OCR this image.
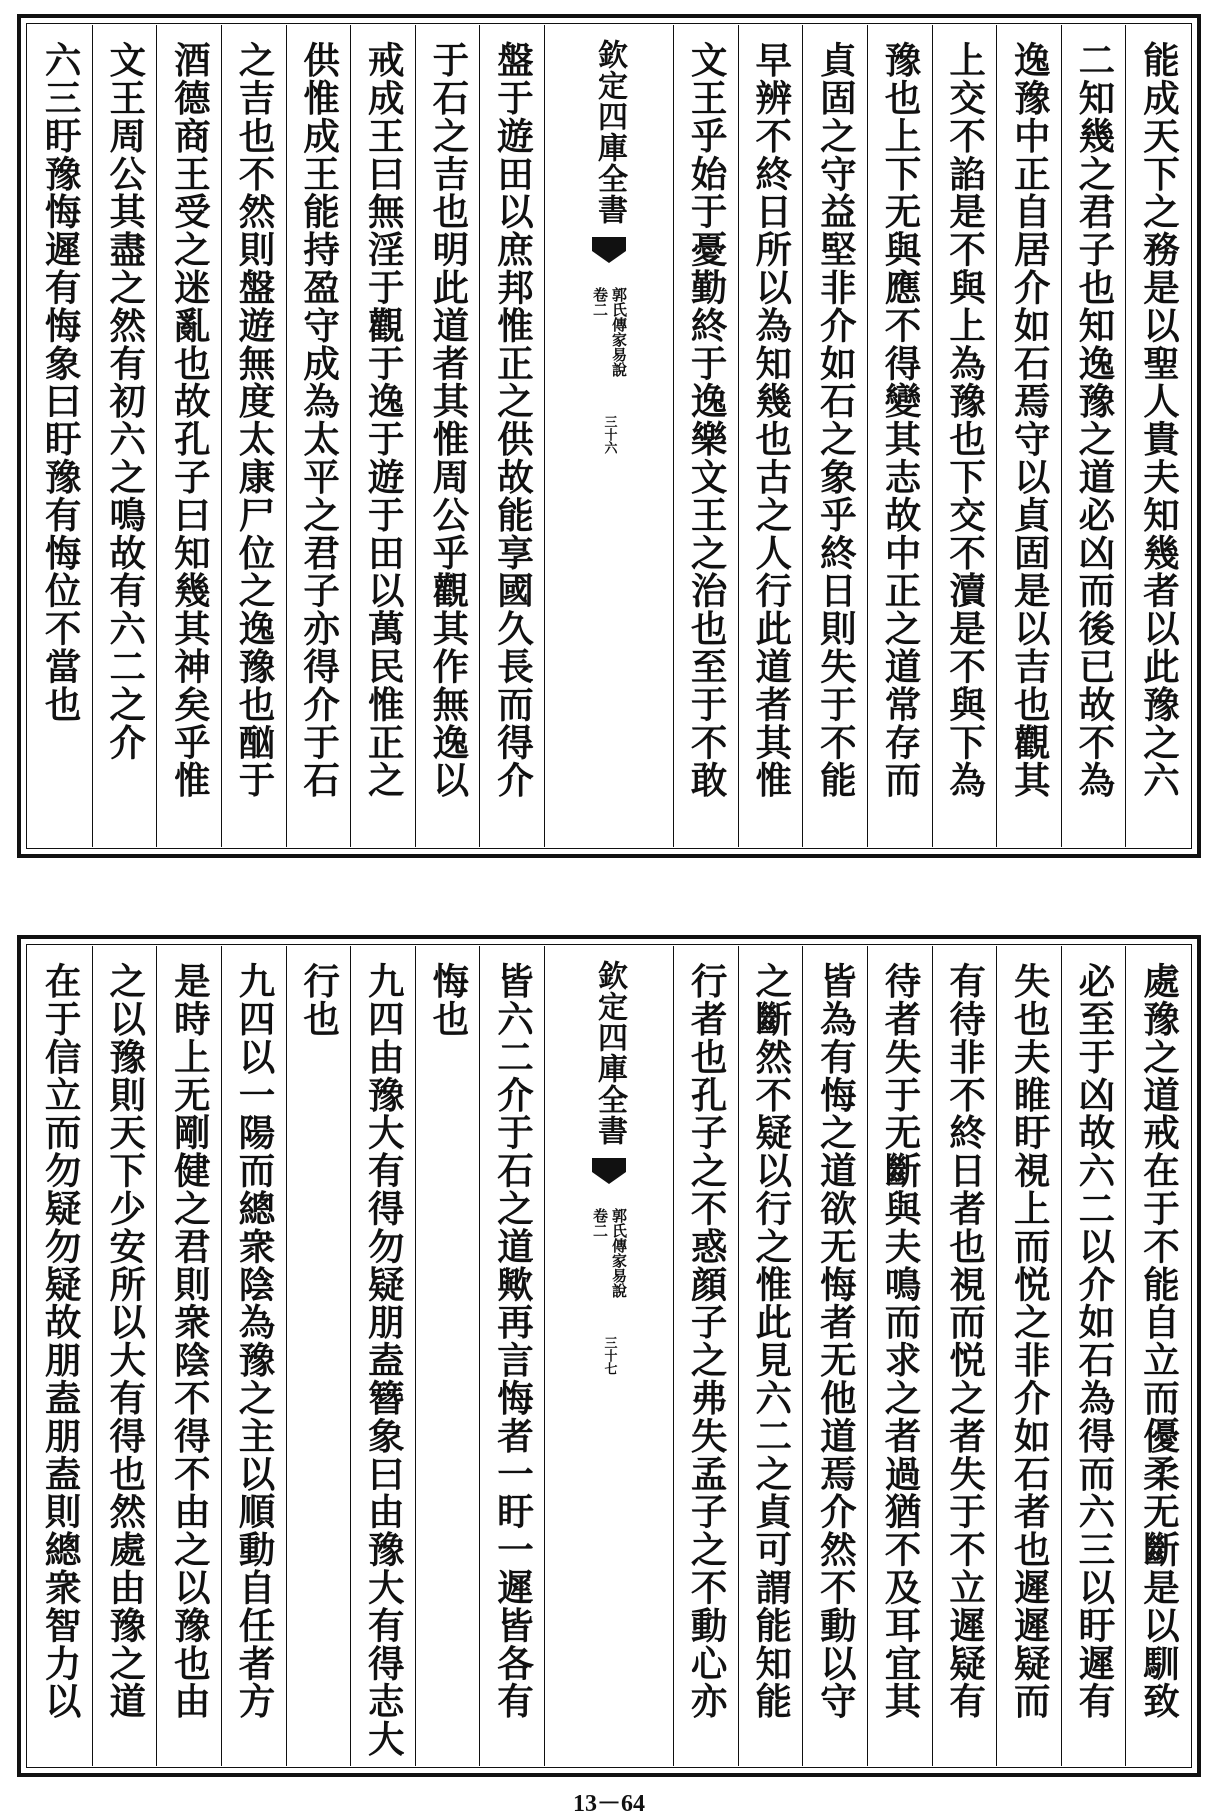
能成天下之務是以聖人貴夫知幾者以此豫之六
二知幾之君子也知逸豫之道必凶而後已故不為
逸豫中正自居介如石焉守以貞固是以吉也觀其
上交不諂是不與上為豫也下交不瀆是不與下為
豫也上下无與應不得變其志故中正之道常存而
貞固之守益堅非介如石之象乎終日則失于不能
早辨不終日所以為知幾也古之人行此道者其惟
文王乎始于憂勤終于逸樂文王之治也至于不敢
欽定四庫全書
郭氏傳家易說
卷二
三十六
盤于遊田以庶邦惟正之供故能享國久長而得介
于石之吉也明此道者其惟周公乎觀其作無逸以
戒成王曰無淫于觀于逸于遊于田以萬民惟正之
供惟成王能持盈守成為太平之君子亦得介于石
之吉也不然則盤遊無度太康尸位之逸豫也酗于
酒德商王受之迷亂也故孔子曰知幾其神矣乎惟
文王周公其盡之然有初六之鳴故有六二之介
六三盱豫悔遲有悔象曰盱豫有悔位不當也
處豫之道戒在于不能自立而優柔无斷是以馴致
必至于凶故六二以介如石為得而六三以盱遲有
失也夫睢盱視上而悦之非介如石者也遲遲疑而
有待非不終日者也視而悦之者失于不立遲疑有
待者失于无斷與夫鳴而求之者過猶不及耳宜其
皆為有悔之道欲无悔者无他道焉介然不動以守
之斷然不疑以行之惟此見六二之貞可謂能知能
行者也孔子之不惑顔子之弗失孟子之不動心亦
欽定四庫全書
郭氏傳家易說
卷二
三十七
皆六二介于石之道歟再言悔者一盱一遲皆各有
悔也
九四由豫大有得勿疑朋盍簪象曰由豫大有得志大
行也
九四以一陽而總衆陰為豫之主以順動自任者方
是時上无剛健之君則衆陰不得不由之以豫也由
之以豫則天下少安所以大有得也然處由豫之道
在于信立而勿疑勿疑故朋盍朋盍則總衆智力以
13－64
